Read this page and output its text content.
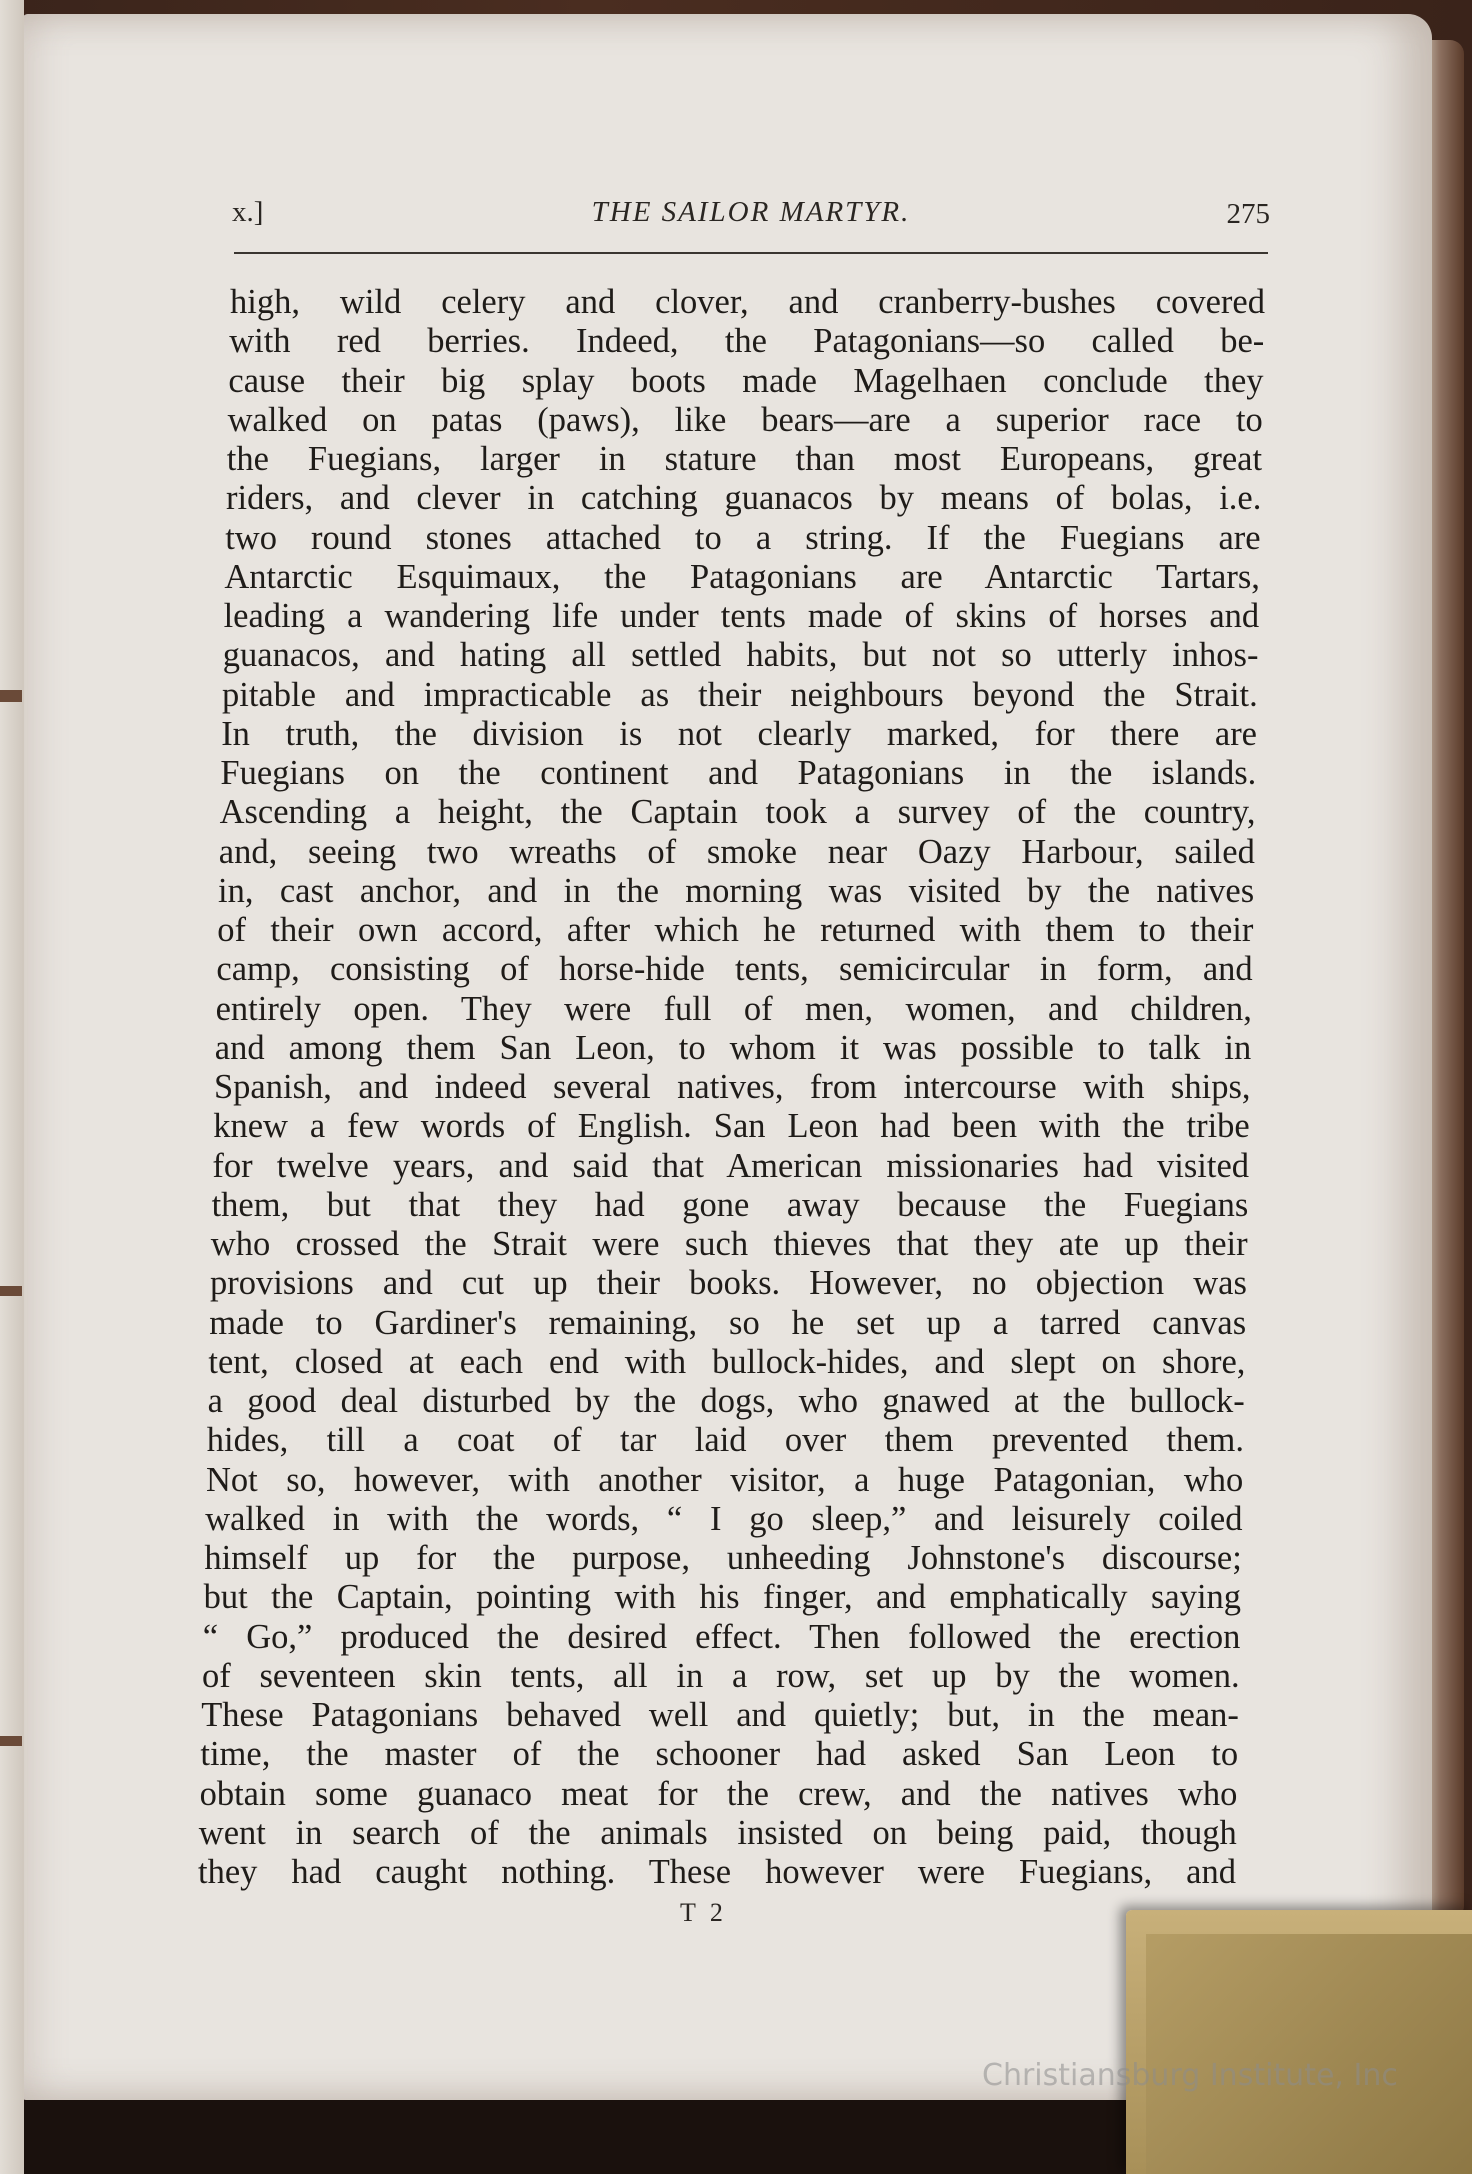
x.]	THE SAILOR MARTYR.	275
high, wild celery and clover, and cranberry-bushes covered
with red berries. Indeed, the Patagonians—so called be-
cause their big splay boots made Magelhaen conclude they
walked on patas (paws), like bears—are a superior race to
the Fuegians, larger in stature than most Europeans, great
riders, and clever in catching guanacos by means of bolas, i.e.
two round stones attached to a string. If the Fuegians are
Antarctic Esquimaux, the Patagonians are Antarctic Tartars,
leading a wandering life under tents made of skins of horses and
guanacos, and hating all settled habits, but not so utterly inhos-
pitable and impracticable as their neighbours beyond the Strait.
In truth, the division is not clearly marked, for there are
Fuegians on the continent and Patagonians in the islands.
Ascending a height, the Captain took a survey of the country,
and, seeing two wreaths of smoke near Oazy Harbour, sailed
in, cast anchor, and in the morning was visited by the natives
of their own accord, after which he returned with them to their
camp, consisting of horse-hide tents, semicircular in form, and
entirely open. They were full of men, women, and children,
and among them San Leon, to whom it was possible to talk in
Spanish, and indeed several natives, from intercourse with ships,
knew a few words of English. San Leon had been with the tribe
for twelve years, and said that American missionaries had visited
them, but that they had gone away because the Fuegians
who crossed the Strait were such thieves that they ate up their
provisions and cut up their books. However, no objection was
made to Gardiner's remaining, so he set up a tarred canvas
tent, closed at each end with bullock-hides, and slept on shore,
a good deal disturbed by the dogs, who gnawed at the bullock-
hides, till a coat of tar laid over them prevented them.
Not so, however, with another visitor, a huge Patagonian, who
walked in with the words, “ I go sleep,” and leisurely coiled
himself up for the purpose, unheeding Johnstone's discourse;
but the Captain, pointing with his finger, and emphatically saying
“ Go,” produced the desired effect. Then followed the erection
of seventeen skin tents, all in a row, set up by the women.
These Patagonians behaved well and quietly; but, in the mean-
time, the master of the schooner had asked San Leon to
obtain some guanaco meat for the crew, and the natives who
went in search of the animals insisted on being paid, though
they had caught nothing. These however were Fuegians, and
T 2
Christiansburg Institute, Inc
